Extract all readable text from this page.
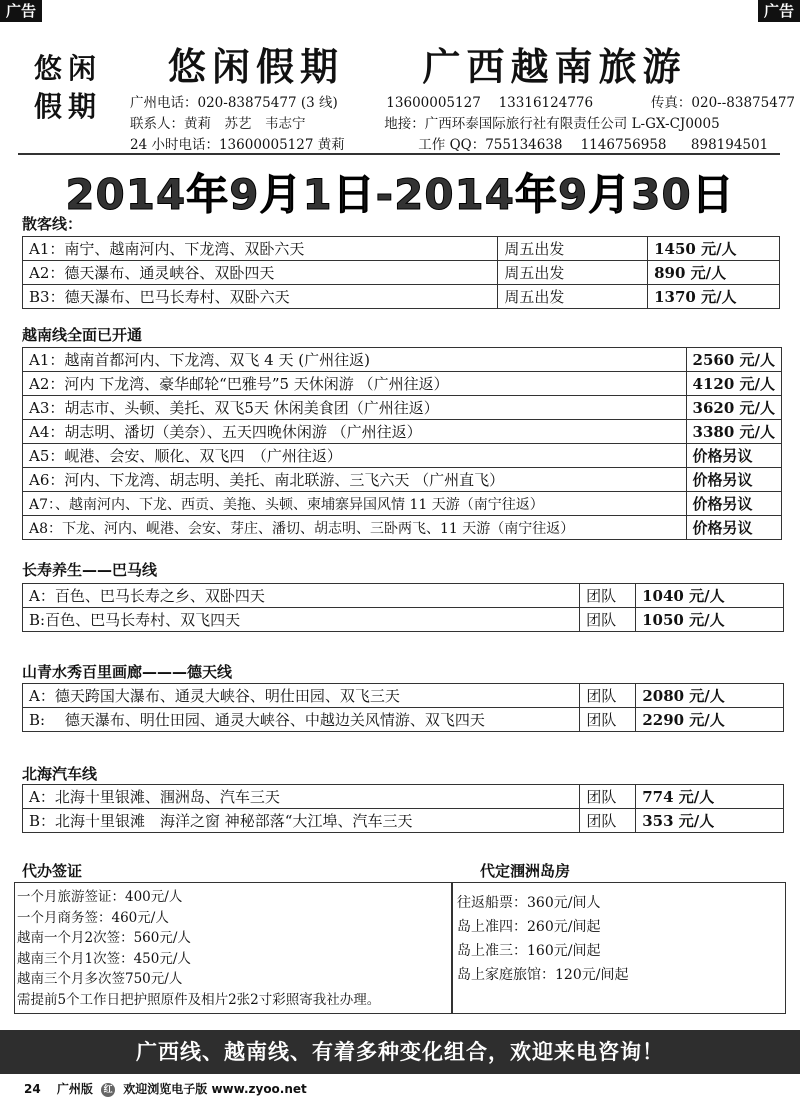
广告	广告
悠闲
假期
悠闲假期 广西越南旅游
广州电话：020-83875477 (3 线)	13600005127 13316124776	传真：020--83875477
联系人：黄莉　苏艺　韦志宁	地接：广西环泰国际旅行社有限责任公司 L-GX-CJ0005
24 小时电话：13600005127 黄莉	工作 QQ：755134638 1146756958 898194501
2014年9月1日-2014年9月30日
散客线：
A1：南宁、越南河内、下龙湾、双卧六天	周五出发	1450 元/人
A2：德天瀑布、通灵峡谷、双卧四天	周五出发	890 元/人
B3：德天瀑布、巴马长寿村、双卧六天	周五出发	1370 元/人
越南线全面已开通
A1：越南首都河内、下龙湾、双飞 4 天 (广州往返)	2560 元/人
A2：河内 下龙湾、豪华邮轮“巴雅号”5 天休闲游 （广州往返）	4120 元/人
A3：胡志市、头顿、美托、双飞5天 休闲美食团（广州往返）	3620 元/人
A4：胡志明、潘切（美奈）、五天四晚休闲游 （广州往返）	3380 元/人
A5：岘港、会安、顺化、双飞四　（广州往返）	价格另议
A6：河内、下龙湾、胡志明、美托、南北联游、三飞六天 （广州直飞）	价格另议
A7：、越南河内、下龙、西贡、美拖、头顿、柬埔寨异国风情 11 天游（南宁往返）	价格另议
A8：下龙、河内、岘港、会安、芽庄、潘切、胡志明、三卧两飞、11 天游（南宁往返）	价格另议
长寿养生——巴马线
A：百色、巴马长寿之乡、双卧四天	团队	1040 元/人
B:百色、巴马长寿村、双飞四天	团队	1050 元/人
山青水秀百里画廊———德天线
A：德天跨国大瀑布、通灵大峡谷、明仕田园、双飞三天	团队	2080 元/人
B:　 德天瀑布、明仕田园、通灵大峡谷、中越边关风情游、双飞四天	团队	2290 元/人
北海汽车线
A：北海十里银滩、涠洲岛、汽车三天	团队	774 元/人
B：北海十里银滩　海洋之窗 神秘部落“大江埠、汽车三天	团队	353 元/人
代办签证	代定涠洲岛房
一个月旅游签证：400元/人
一个月商务签：460元/人
越南一个月2次签：560元/人
越南三个月1次签：450元/人
越南三个月多次签750元/人
需提前5个工作日把护照原件及相片2张2寸彩照寄我社办理。
往返船票：360元/间人
岛上准四：260元/间起
岛上准三：160元/间起
岛上家庭旅馆：120元/间起
广西线、越南线、有着多种变化组合，欢迎来电咨询！
24 广州版 红 欢迎浏览电子版 www.zyoo.net
